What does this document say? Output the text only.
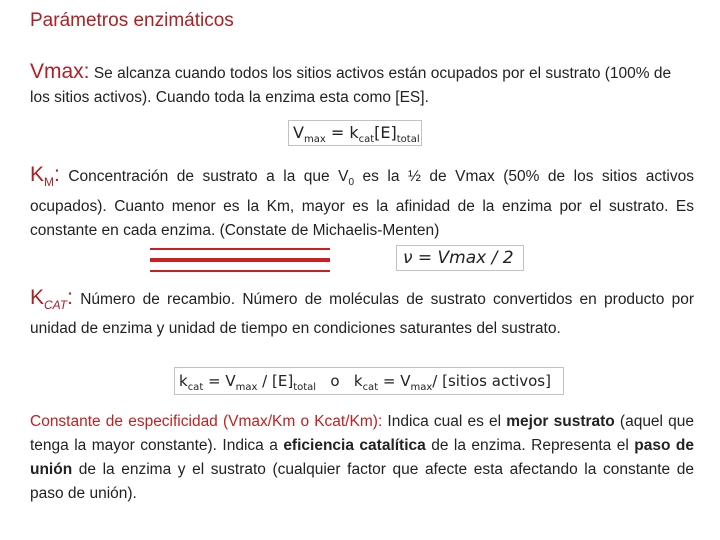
Parámetros enzimáticos
Vmax: Se alcanza cuando todos los sitios activos están ocupados por el sustrato (100% de los sitios activos). Cuando toda la enzima esta como [ES].
$V_{max} = k_{cat}[E]_{total}$
$K_M$: Concentración de sustrato a la que $V_0$ es la ½ de Vmax (50% de los sitios activos ocupados). Cuanto menor es la Km, mayor es la afinidad de la enzima por el sustrato. Es constante en cada enzima. (Constate de Michaelis-Menten)
ν = Vmax / 2
$K_{CAT}$: Número de recambio. Número de moléculas de sustrato convertidos en producto por unidad de enzima y unidad de tiempo en condiciones saturantes del sustrato.
$k_{cat} = V_{max} / [E]_{total}$ o $k_{cat} = V_{max}/$ [sitios activos]
Constante de especificidad (Vmax/Km o Kcat/Km): Indica cual es el mejor sustrato (aquel que tenga la mayor constante). Indica a eficiencia catalítica de la enzima. Representa el paso de unión de la enzima y el sustrato (cualquier factor que afecte esta afectando la constante de paso de unión).
